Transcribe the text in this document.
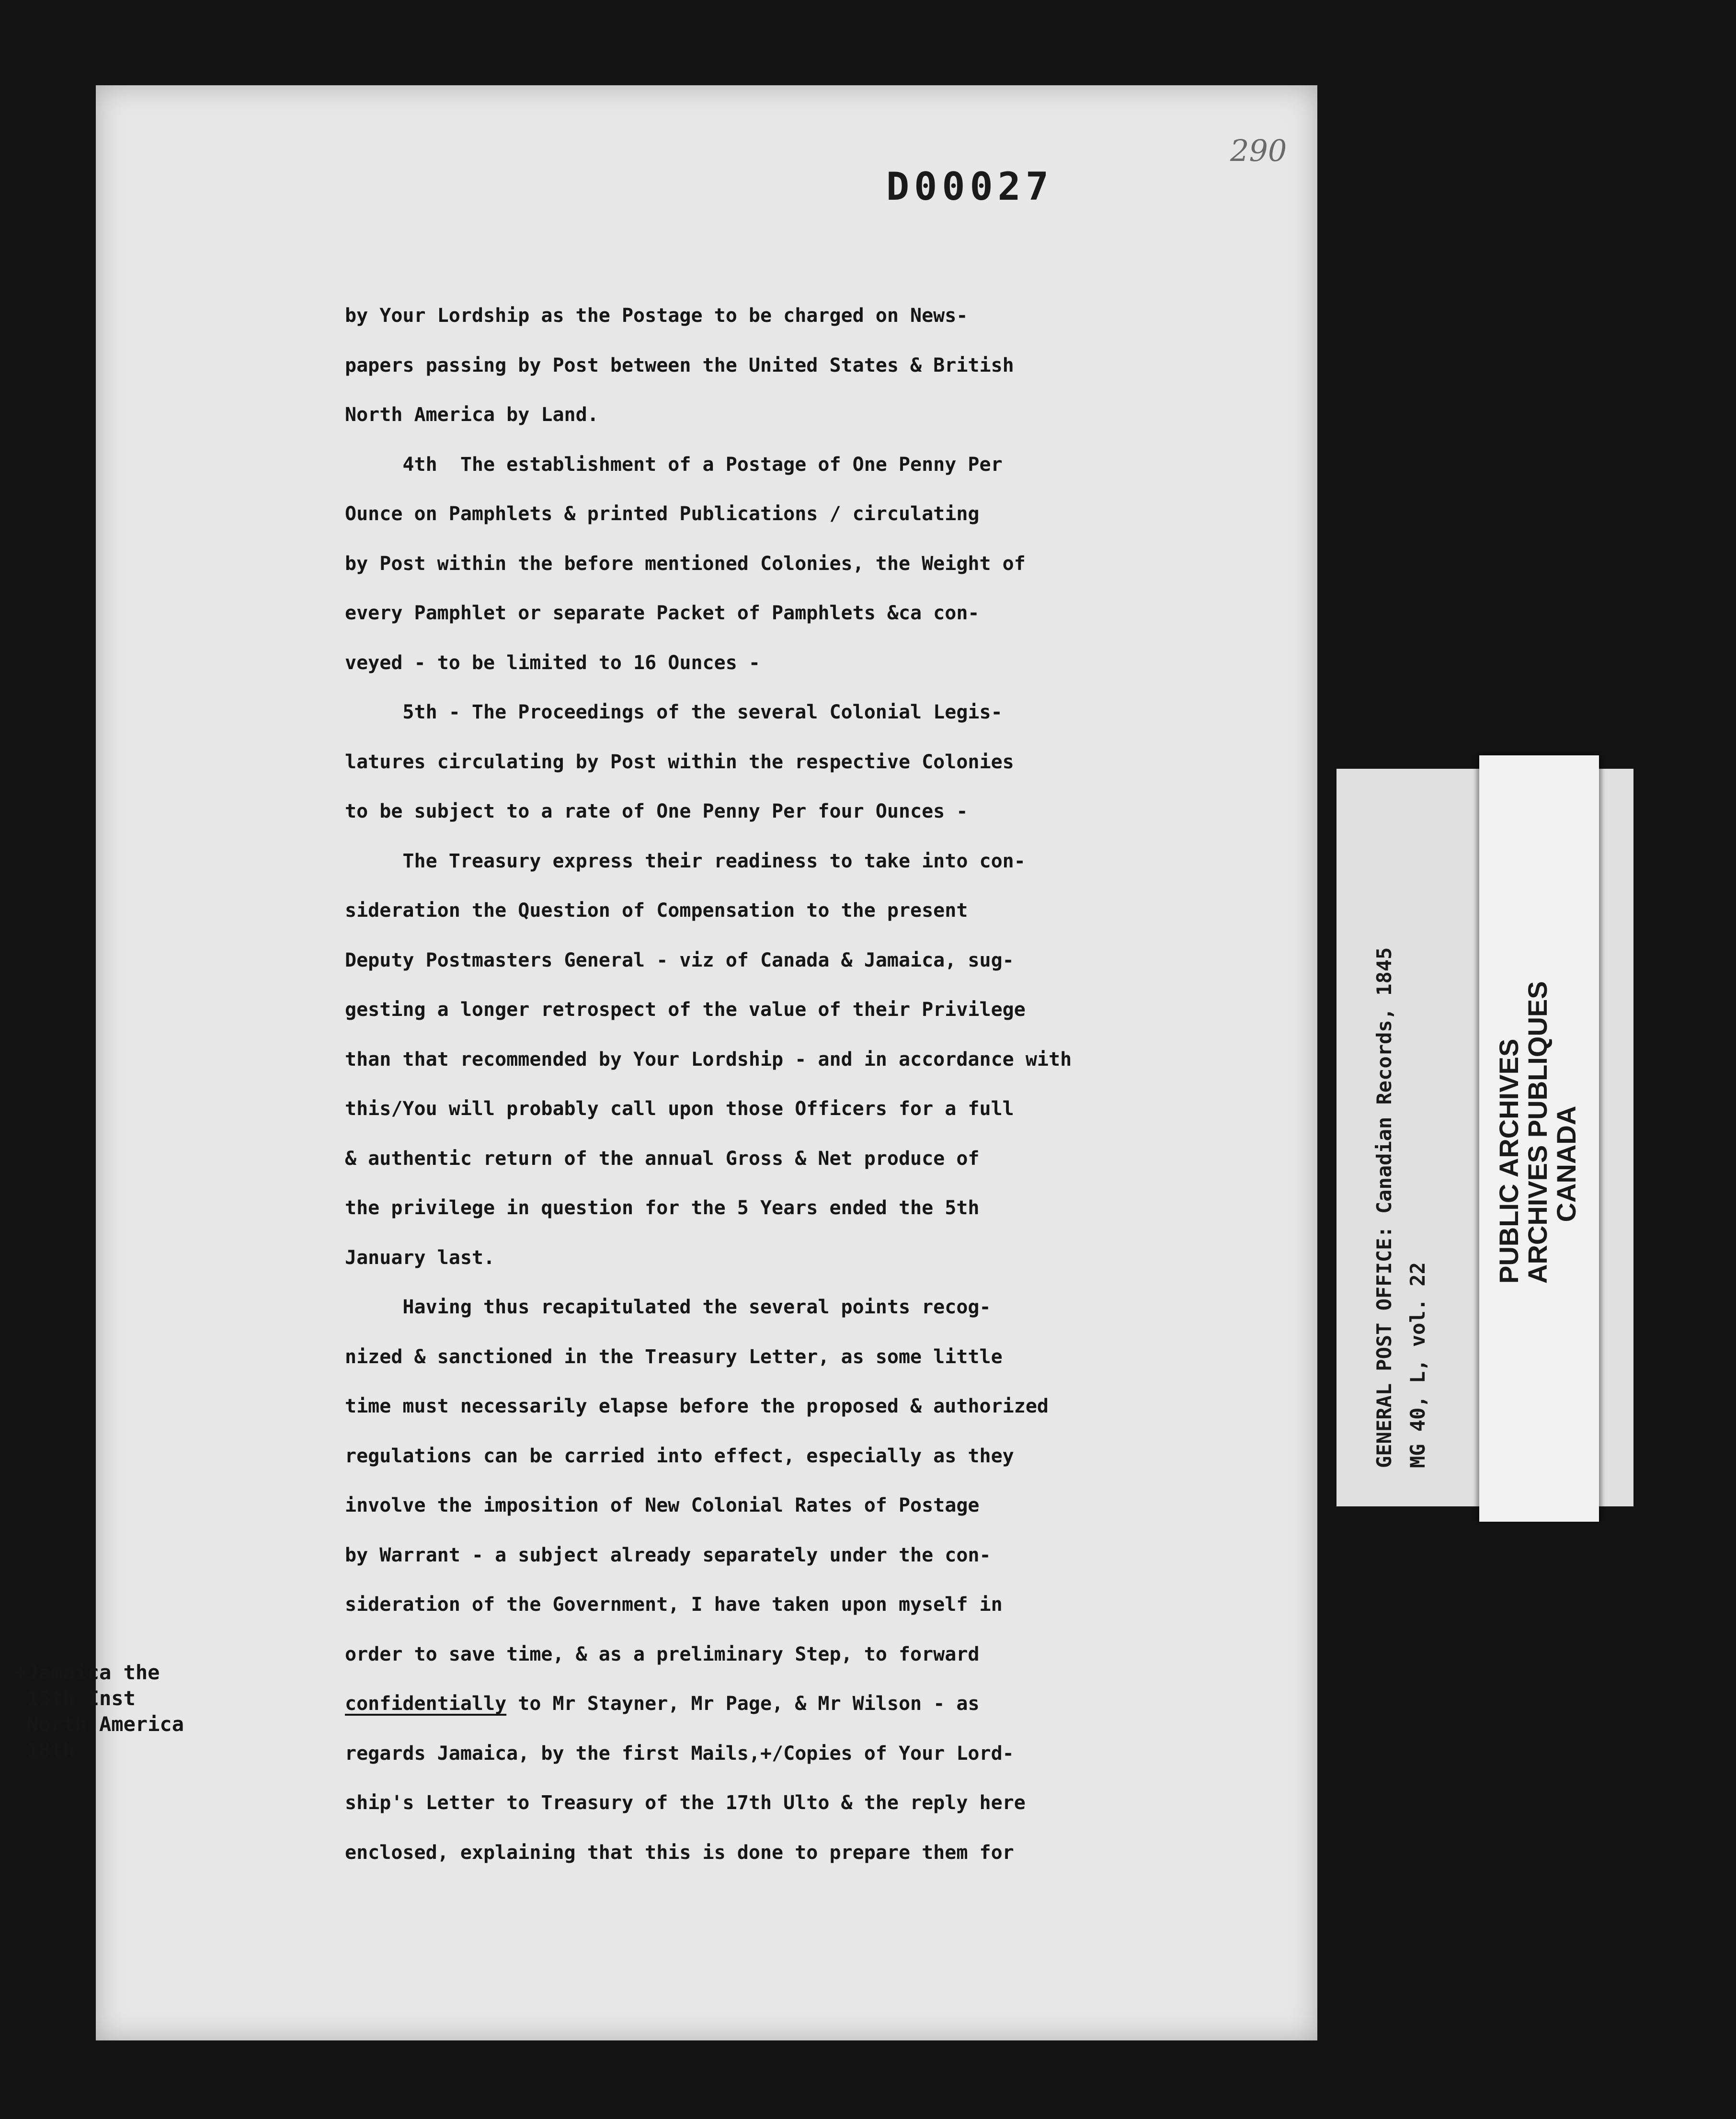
290
D00027
by Your Lordship as the Postage to be charged on News-
papers passing by Post between the United States & British
North America by Land.
4th  The establishment of a Postage of One Penny Per
Ounce on Pamphlets & printed Publications / circulating
by Post within the before mentioned Colonies, the Weight of
every Pamphlet or separate Packet of Pamphlets &ca con-
veyed - to be limited to 16 Ounces -
5th - The Proceedings of the several Colonial Legis-
latures circulating by Post within the respective Colonies
to be subject to a rate of One Penny Per four Ounces -
The Treasury express their readiness to take into con-
sideration the Question of Compensation to the present
Deputy Postmasters General - viz of Canada & Jamaica, sug-
gesting a longer retrospect of the value of their Privilege
than that recommended by Your Lordship - and in accordance with
this/You will probably call upon those Officers for a full
& authentic return of the annual Gross & Net produce of
the privilege in question for the 5 Years ended the 5th
January last.
Having thus recapitulated the several points recog-
nized & sanctioned in the Treasury Letter, as some little
time must necessarily elapse before the proposed & authorized
regulations can be carried into effect, especially as they
involve the imposition of New Colonial Rates of Postage
by Warrant - a subject already separately under the con-
sideration of the Government, I have taken upon myself in
order to save time, & as a preliminary Step, to forward
confidentially to Mr Stayner, Mr Page, & Mr Wilson - as
regards Jamaica, by the first Mails,+/Copies of Your Lord-
ship's Letter to Treasury of the 17th Ulto & the reply here
enclosed, explaining that this is done to prepare them for
+Jamaica the
15th Inst
North America
18th
GENERAL POST OFFICE: Canadian Records, 1845 MG 40, L, vol. 22
PUBLIC ARCHIVES
ARCHIVES PUBLIQUES
CANADA
